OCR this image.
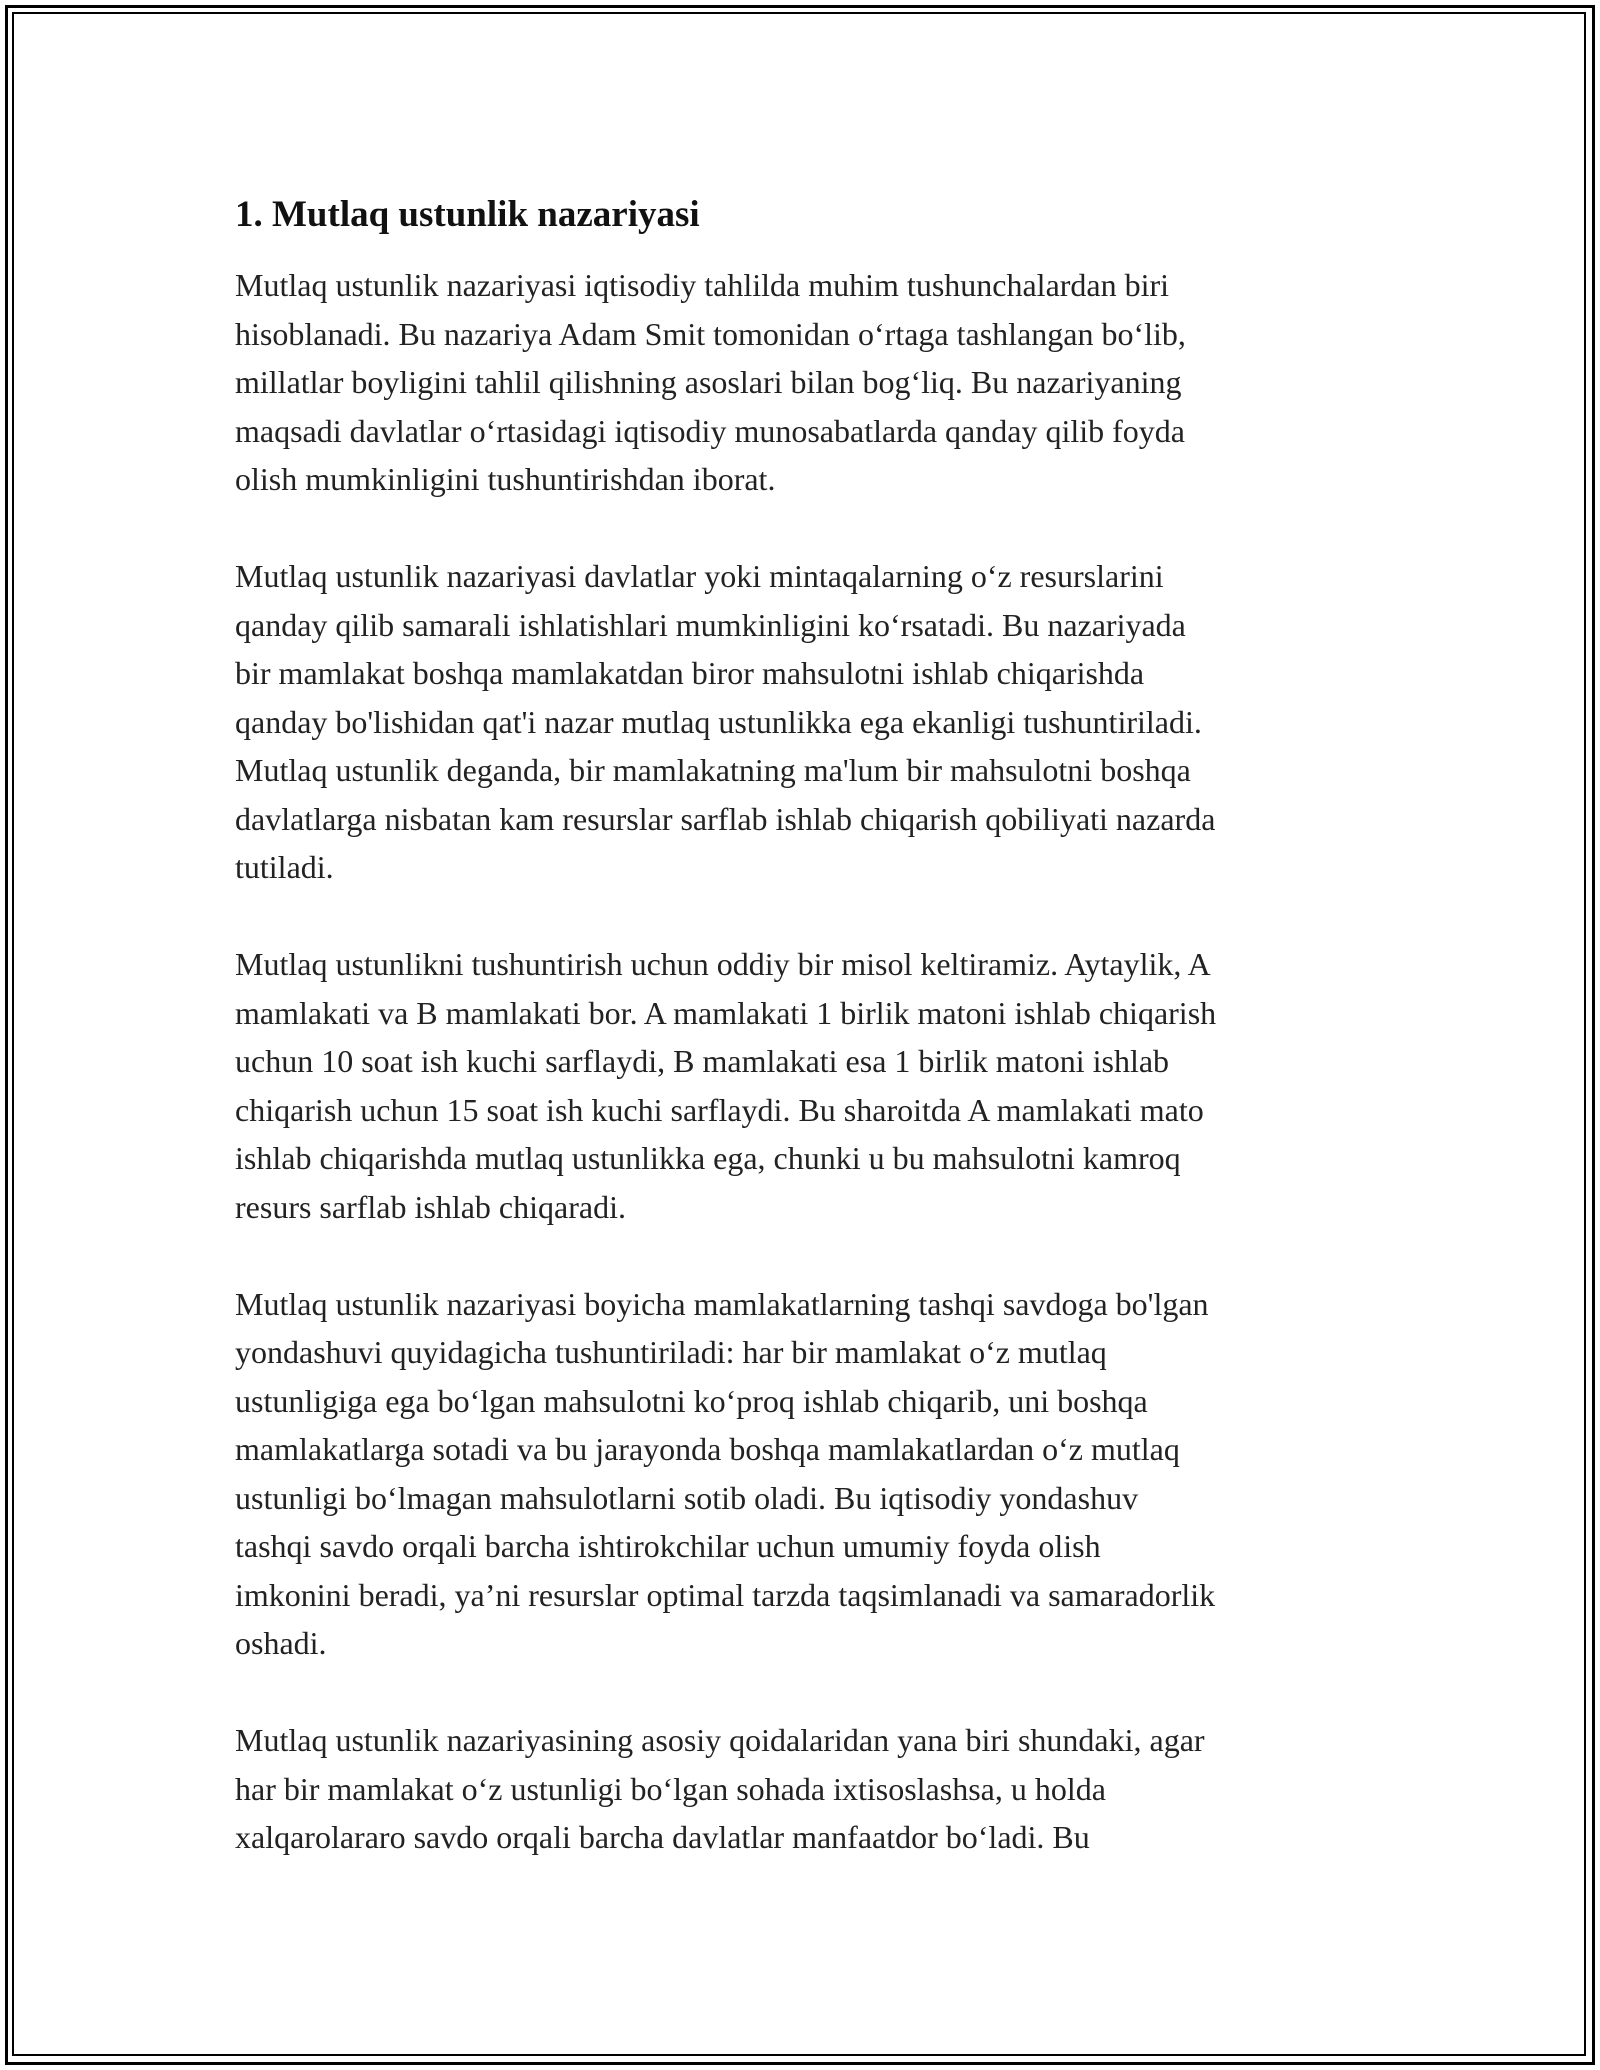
1. Mutlaq ustunlik nazariyasi

Mutlaq ustunlik nazariyasi iqtisodiy tahlilda muhim tushunchalardan biri
hisoblanadi. Bu nazariya Adam Smit tomonidan o‘rtaga tashlangan bo‘lib,
millatlar boyligini tahlil qilishning asoslari bilan bog‘liq. Bu nazariyaning
maqsadi davlatlar o‘rtasidagi iqtisodiy munosabatlarda qanday qilib foyda
olish mumkinligini tushuntirishdan iborat.

Mutlaq ustunlik nazariyasi davlatlar yoki mintaqalarning o‘z resurslarini
qanday qilib samarali ishlatishlari mumkinligini ko‘rsatadi. Bu nazariyada
bir mamlakat boshqa mamlakatdan biror mahsulotni ishlab chiqarishda
qanday bo'lishidan qat'i nazar mutlaq ustunlikka ega ekanligi tushuntiriladi.
Mutlaq ustunlik deganda, bir mamlakatning ma'lum bir mahsulotni boshqa
davlatlarga nisbatan kam resurslar sarflab ishlab chiqarish qobiliyati nazarda
tutiladi.

Mutlaq ustunlikni tushuntirish uchun oddiy bir misol keltiramiz. Aytaylik, A
mamlakati va B mamlakati bor. A mamlakati 1 birlik matoni ishlab chiqarish
uchun 10 soat ish kuchi sarflaydi, B mamlakati esa 1 birlik matoni ishlab
chiqarish uchun 15 soat ish kuchi sarflaydi. Bu sharoitda A mamlakati mato
ishlab chiqarishda mutlaq ustunlikka ega, chunki u bu mahsulotni kamroq
resurs sarflab ishlab chiqaradi.

Mutlaq ustunlik nazariyasi boyicha mamlakatlarning tashqi savdoga bo'lgan
yondashuvi quyidagicha tushuntiriladi: har bir mamlakat o‘z mutlaq
ustunligiga ega bo‘lgan mahsulotni ko‘proq ishlab chiqarib, uni boshqa
mamlakatlarga sotadi va bu jarayonda boshqa mamlakatlardan o‘z mutlaq
ustunligi bo‘lmagan mahsulotlarni sotib oladi. Bu iqtisodiy yondashuv
tashqi savdo orqali barcha ishtirokchilar uchun umumiy foyda olish
imkonini beradi, ya’ni resurslar optimal tarzda taqsimlanadi va samaradorlik
oshadi.

Mutlaq ustunlik nazariyasining asosiy qoidalaridan yana biri shundaki, agar
har bir mamlakat o‘z ustunligi bo‘lgan sohada ixtisoslashsa, u holda
xalqarolararo savdo orqali barcha davlatlar manfaatdor bo‘ladi. Bu
